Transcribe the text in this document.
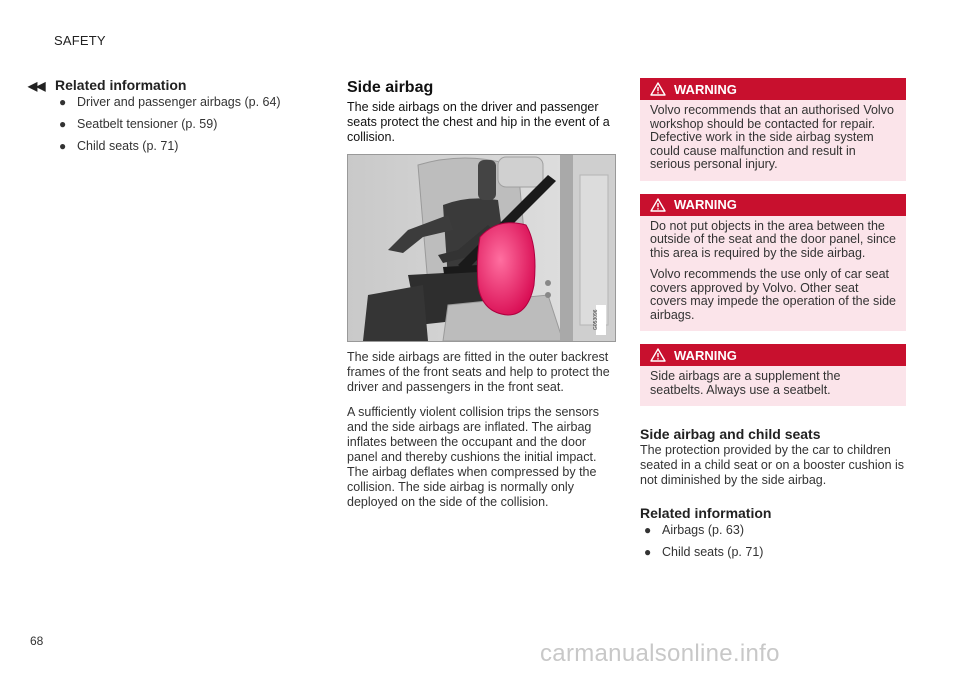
SAFETY
◀◀ Related information
● Driver and passenger airbags (p. 64)
● Seatbelt tensioner (p. 59)
● Child seats (p. 71)
Side airbag
The side airbags on the driver and passenger seats protect the chest and hip in the event of a collision.
G053096

The side airbags are fitted in the outer backrest frames of the front seats and help to protect the driver and passengers in the front seat.

A sufficiently violent collision trips the sensors and the side airbags are inflated. The airbag inflates between the occupant and the door panel and thereby cushions the initial impact. The airbag deflates when compressed by the collision. The side airbag is normally only deployed on the side of the collision.

WARNING

Volvo recommends that an authorised Volvo workshop should be contacted for repair. Defective work in the side airbag system could cause malfunction and result in serious personal injury.

WARNING

Do not put objects in the area between the outside of the seat and the door panel, since this area is required by the side airbag.

Volvo recommends the use only of car seat covers approved by Volvo. Other seat covers may impede the operation of the side airbags.

WARNING

Side airbags are a supplement the seatbelts. Always use a seatbelt.

Side airbag and child seats
The protection provided by the car to children seated in a child seat or on a booster cushion is not diminished by the side airbag.
Related information
● Airbags (p. 63)
● Child seats (p. 71)
68	carmanualsonline.info
